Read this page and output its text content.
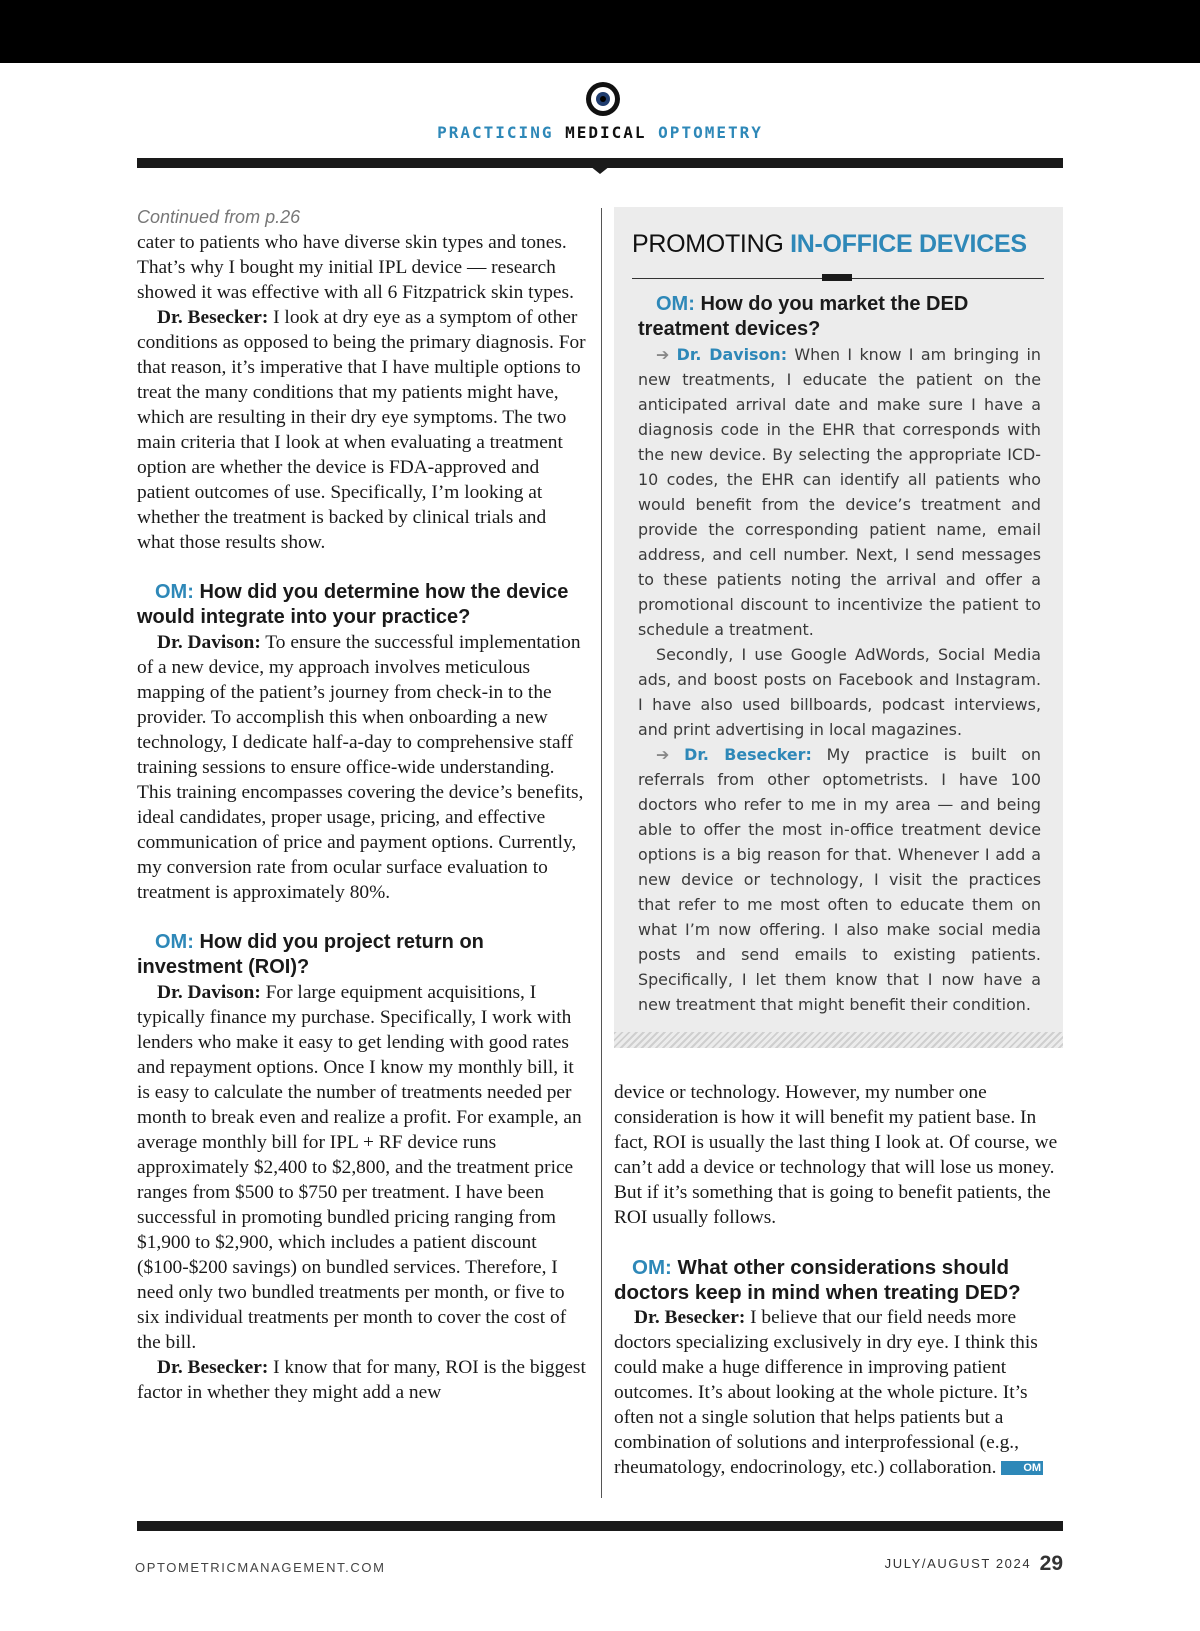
PRACTICING MEDICAL OPTOMETRY

Continued from p.26

cater to patients who have diverse skin types and tones. That’s why I bought my initial IPL device — research showed it was effective with all 6 Fitzpatrick skin types.

Dr. Besecker: I look at dry eye as a symptom of other conditions as opposed to being the primary diagnosis. For that reason, it’s imperative that I have multiple options to treat the many conditions that my patients might have, which are resulting in their dry eye symptoms. The two main criteria that I look at when evaluating a treatment option are whether the device is FDA-approved and patient outcomes of use. Specifically, I’m looking at whether the treatment is backed by clinical trials and what those results show.

OM: How did you determine how the device would integrate into your practice?

Dr. Davison: To ensure the successful implementation of a new device, my approach involves meticulous mapping of the patient’s journey from check-in to the provider. To accomplish this when onboarding a new technology, I dedicate half-a-day to comprehensive staff training sessions to ensure office-wide understanding. This training encompasses covering the device’s benefits, ideal candidates, proper usage, pricing, and effective communication of price and payment options. Currently, my conversion rate from ocular surface evaluation to treatment is approximately 80%.

OM: How did you project return on investment (ROI)?

Dr. Davison: For large equipment acquisitions, I typically finance my purchase. Specifically, I work with lenders who make it easy to get lending with good rates and repayment options. Once I know my monthly bill, it is easy to calculate the number of treatments needed per month to break even and realize a profit. For example, an average monthly bill for IPL + RF device runs approximately $2,400 to $2,800, and the treatment price ranges from $500 to $750 per treatment. I have been successful in promoting bundled pricing ranging from $1,900 to $2,900, which includes a patient discount ($100-$200 savings) on bundled services. Therefore, I need only two bundled treatments per month, or five to six individual treatments per month to cover the cost of the bill.

Dr. Besecker: I know that for many, ROI is the biggest factor in whether they might add a new

PROMOTING IN-OFFICE DEVICES

OM: How do you market the DED treatment devices?

➔ Dr. Davison: When I know I am bringing in new treatments, I educate the patient on the anticipated arrival date and make sure I have a diagnosis code in the EHR that corresponds with the new device. By selecting the appropriate ICD-10 codes, the EHR can identify all patients who would benefit from the device’s treatment and provide the corresponding patient name, email address, and cell number. Next, I send messages to these patients noting the arrival and offer a promotional discount to incentivize the patient to schedule a treatment.

Secondly, I use Google AdWords, Social Media ads, and boost posts on Facebook and Instagram. I have also used billboards, podcast interviews, and print advertising in local magazines.

➔ Dr. Besecker: My practice is built on referrals from other optometrists. I have 100 doctors who refer to me in my area — and being able to offer the most in-office treatment device options is a big reason for that. Whenever I add a new device or technology, I visit the practices that refer to me most often to educate them on what I’m now offering. I also make social media posts and send emails to existing patients. Specifically, I let them know that I now have a new treatment that might benefit their condition.

device or technology. However, my number one consideration is how it will benefit my patient base. In fact, ROI is usually the last thing I look at. Of course, we can’t add a device or technology that will lose us money. But if it’s something that is going to benefit patients, the ROI usually follows.

OM: What other considerations should doctors keep in mind when treating DED?

Dr. Besecker: I believe that our field needs more doctors specializing exclusively in dry eye. I think this could make a huge difference in improving patient outcomes. It’s about looking at the whole picture. It’s often not a single solution that helps patients but a combination of solutions and interprofessional (e.g., rheumatology, endocrinology, etc.) collaboration. OM

OPTOMETRICMANAGEMENT.COM	JULY/AUGUST 2024 29
